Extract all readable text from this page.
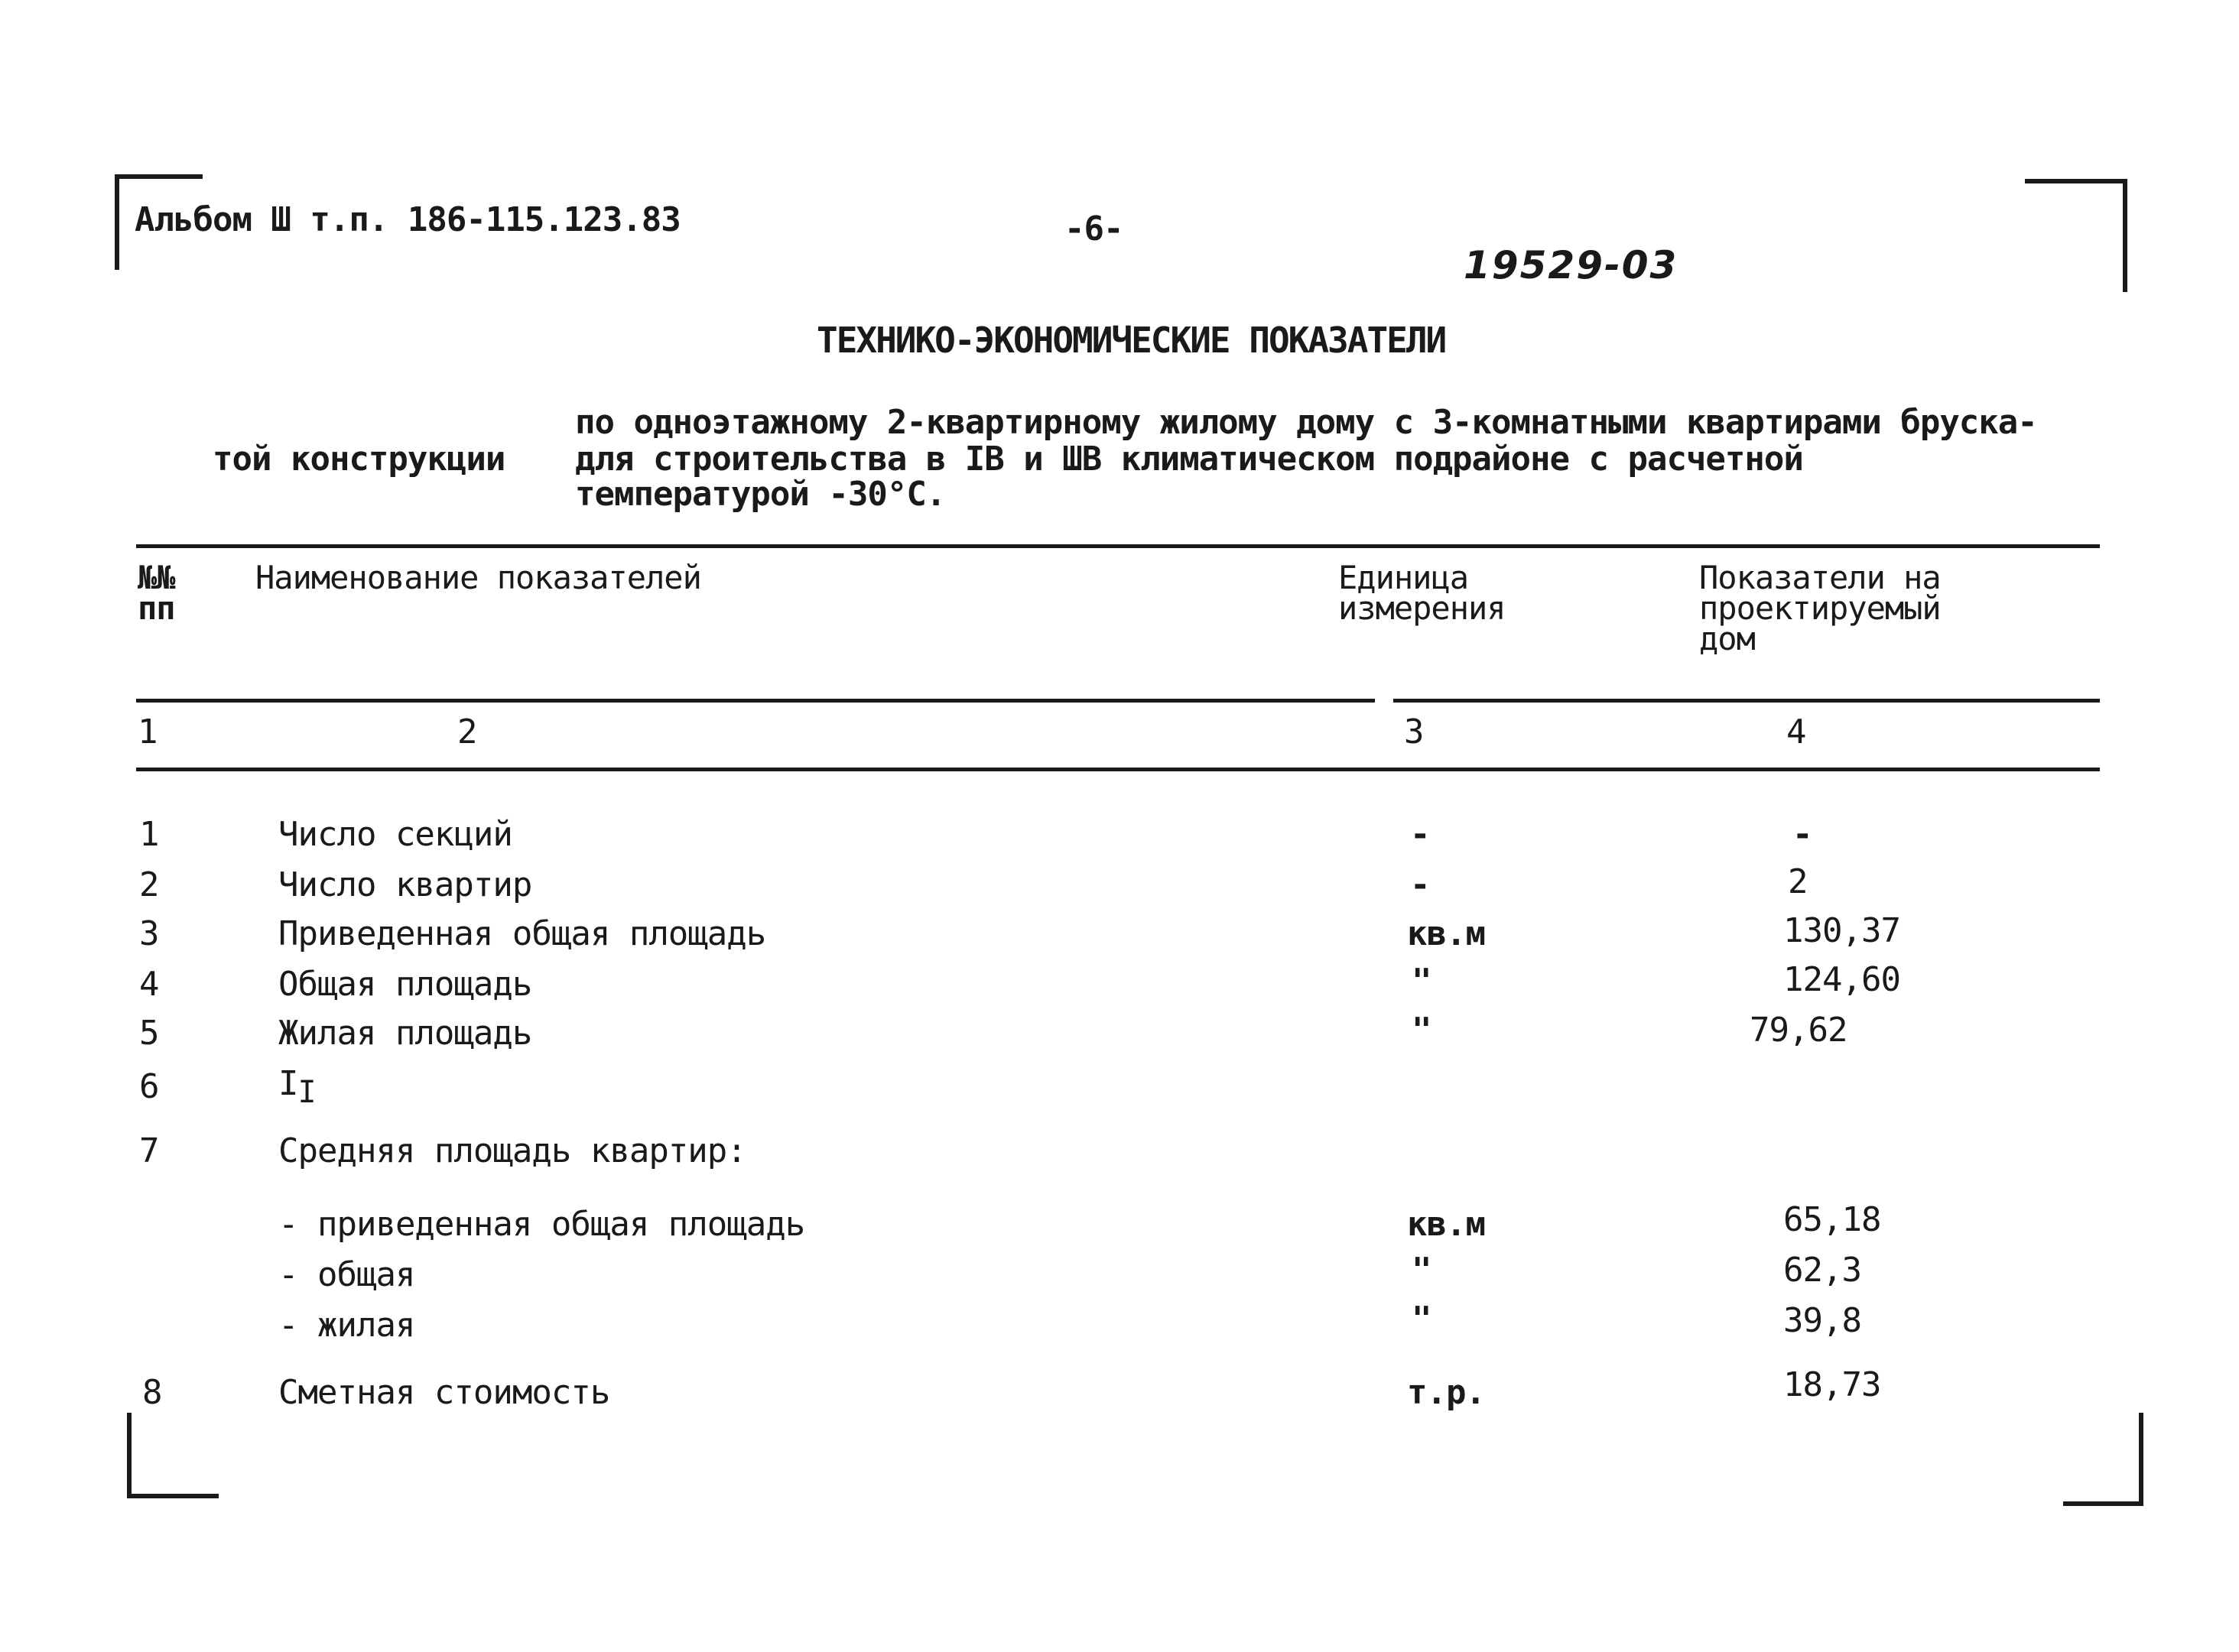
Альбом Ш т.п. 186-115.123.83	-6-
19529-03
ТЕХНИКО-ЭКОНОМИЧЕСКИЕ ПОКАЗАТЕЛИ
по одноэтажному 2-квартирному жилому дому с 3-комнатными квартирами бруска-
той конструкции для строительства в IB и ШВ климатическом подрайоне с расчетной
температурой -30°С.
№№
пп
Наименование показателей	Единица
измерения
Показатели на
проектируемый
дом
1	2	3	4
1	Число секций	-	-
2	Число квартир	-	2
3	Приведенная общая площадь	кв.м	130,37
4	Общая площадь	"	124,60
5	Жилая площадь	"	79,62
6	$I_I$
7	Средняя площадь квартир:
- приведенная общая площадь	кв.м	65,18
- общая	"	62,3
- жилая	"	39,8
8	Сметная стоимость	т.р.	18,73
